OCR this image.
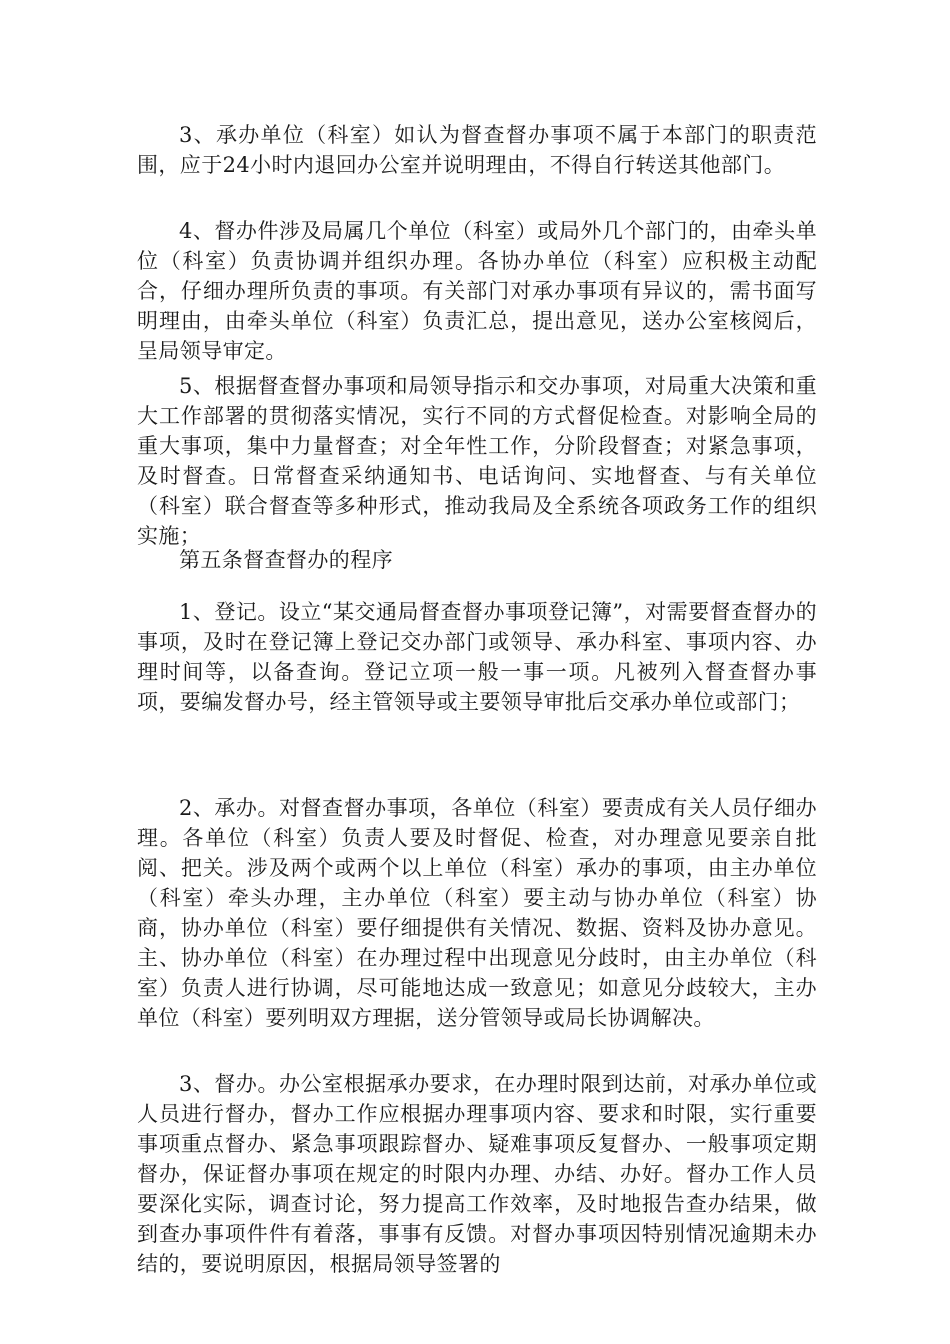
3、承办单位（科室）如认为督查督办事项不属于本部门的职责范围，应于24小时内退回办公室并说明理由，不得自行转送其他部门。

4、督办件涉及局属几个单位（科室）或局外几个部门的，由牵头单位（科室）负责协调并组织办理。各协办单位（科室）应积极主动配合，仔细办理所负责的事项。有关部门对承办事项有异议的，需书面写明理由，由牵头单位（科室）负责汇总，提出意见，送办公室核阅后，呈局领导审定。

5、根据督查督办事项和局领导指示和交办事项，对局重大决策和重大工作部署的贯彻落实情况，实行不同的方式督促检查。对影响全局的重大事项，集中力量督查；对全年性工作，分阶段督查；对紧急事项，及时督查。日常督查采纳通知书、电话询问、实地督查、与有关单位（科室）联合督查等多种形式，推动我局及全系统各项政务工作的组织实施；

第五条督查督办的程序

1、登记。设立“某交通局督查督办事项登记簿”，对需要督查督办的事项，及时在登记簿上登记交办部门或领导、承办科室、事项内容、办理时间等，以备查询。登记立项一般一事一项。凡被列入督查督办事项，要编发督办号，经主管领导或主要领导审批后交承办单位或部门；

2、承办。对督查督办事项，各单位（科室）要责成有关人员仔细办理。各单位（科室）负责人要及时督促、检查，对办理意见要亲自批阅、把关。涉及两个或两个以上单位（科室）承办的事项，由主办单位（科室）牵头办理，主办单位（科室）要主动与协办单位（科室）协商，协办单位（科室）要仔细提供有关情况、数据、资料及协办意见。主、协办单位（科室）在办理过程中出现意见分歧时，由主办单位（科室）负责人进行协调，尽可能地达成一致意见；如意见分歧较大，主办单位（科室）要列明双方理据，送分管领导或局长协调解决。

3、督办。办公室根据承办要求，在办理时限到达前，对承办单位或人员进行督办，督办工作应根据办理事项内容、要求和时限，实行重要事项重点督办、紧急事项跟踪督办、疑难事项反复督办、一般事项定期督办，保证督办事项在规定的时限内办理、办结、办好。督办工作人员要深化实际，调查讨论，努力提高工作效率，及时地报告查办结果，做到查办事项件件有着落，事事有反馈。对督办事项因特别情况逾期未办结的，要说明原因，根据局领导签署的
